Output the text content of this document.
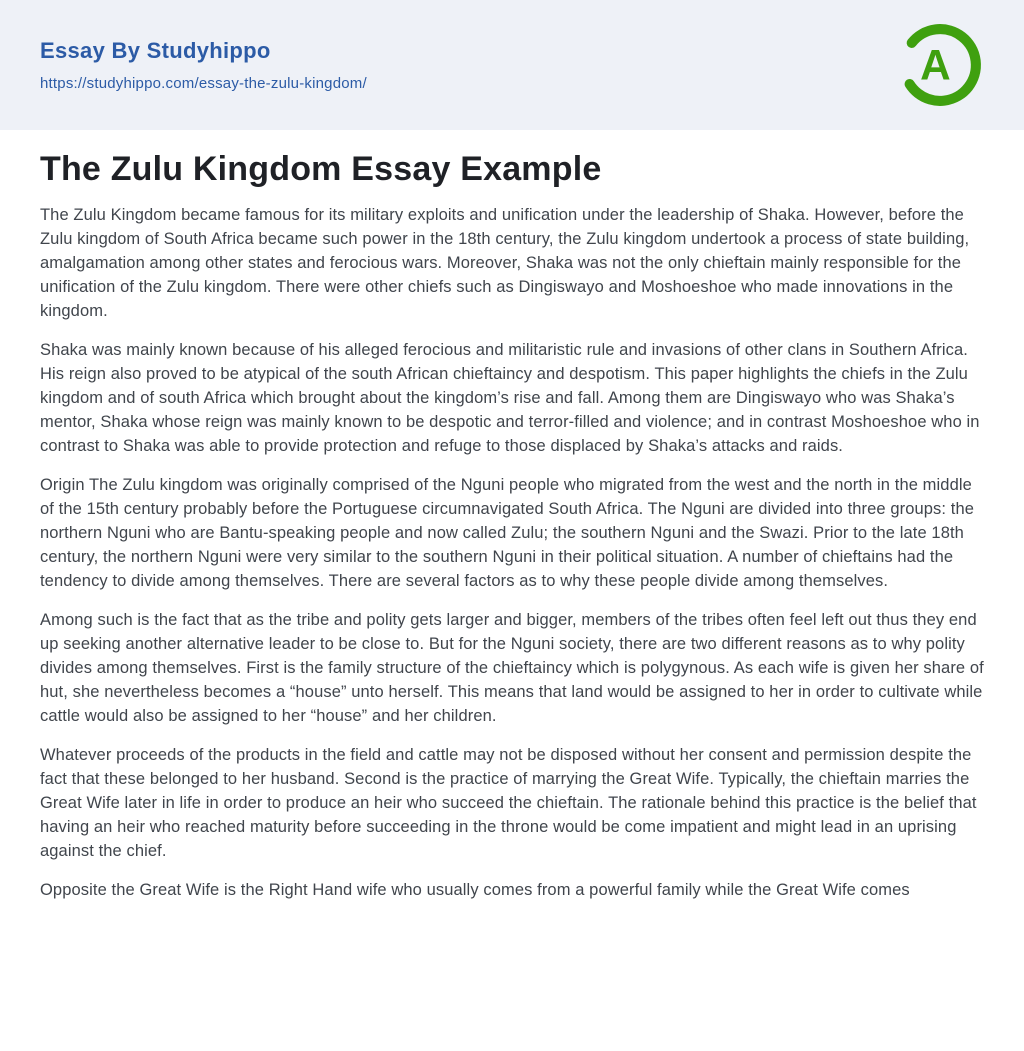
Essay By Studyhippo
https://studyhippo.com/essay-the-zulu-kingdom/	A
The Zulu Kingdom Essay Example

The Zulu Kingdom became famous for its military exploits and unification under the leadership of Shaka. However, before the Zulu kingdom of South Africa became such power in the 18th century, the Zulu kingdom undertook a process of state building, amalgamation among other states and ferocious wars. Moreover, Shaka was not the only chieftain mainly responsible for the unification of the Zulu kingdom. There were other chiefs such as Dingiswayo and Moshoeshoe who made innovations in the kingdom.

Shaka was mainly known because of his alleged ferocious and militaristic rule and invasions of other clans in Southern Africa. His reign also proved to be atypical of the south African chieftaincy and despotism. This paper highlights the chiefs in the Zulu kingdom and of south Africa which brought about the kingdom’s rise and fall. Among them are Dingiswayo who was Shaka’s mentor, Shaka whose reign was mainly known to be despotic and terror-filled and violence; and in contrast Moshoeshoe who in contrast to Shaka was able to provide protection and refuge to those displaced by Shaka’s attacks and raids.

Origin The Zulu kingdom was originally comprised of the Nguni people who migrated from the west and the north in the middle of the 15th century probably before the Portuguese circumnavigated South Africa. The Nguni are divided into three groups: the northern Nguni who are Bantu-speaking people and now called Zulu; the southern Nguni and the Swazi. Prior to the late 18th century, the northern Nguni were very similar to the southern Nguni in their political situation. A number of chieftains had the tendency to divide among themselves. There are several factors as to why these people divide among themselves.

Among such is the fact that as the tribe and polity gets larger and bigger, members of the tribes often feel left out thus they end up seeking another alternative leader to be close to. But for the Nguni society, there are two different reasons as to why polity divides among themselves. First is the family structure of the chieftaincy which is polygynous. As each wife is given her share of hut, she nevertheless becomes a “house” unto herself. This means that land would be assigned to her in order to cultivate while cattle would also be assigned to her “house” and her children.

Whatever proceeds of the products in the field and cattle may not be disposed without her consent and permission despite the fact that these belonged to her husband. Second is the practice of marrying the Great Wife. Typically, the chieftain marries the Great Wife later in life in order to produce an heir who succeed the chieftain. The rationale behind this practice is the belief that having an heir who reached maturity before succeeding in the throne would be come impatient and might lead in an uprising against the chief.

Opposite the Great Wife is the Right Hand wife who usually comes from a powerful family while the Great Wife comes
